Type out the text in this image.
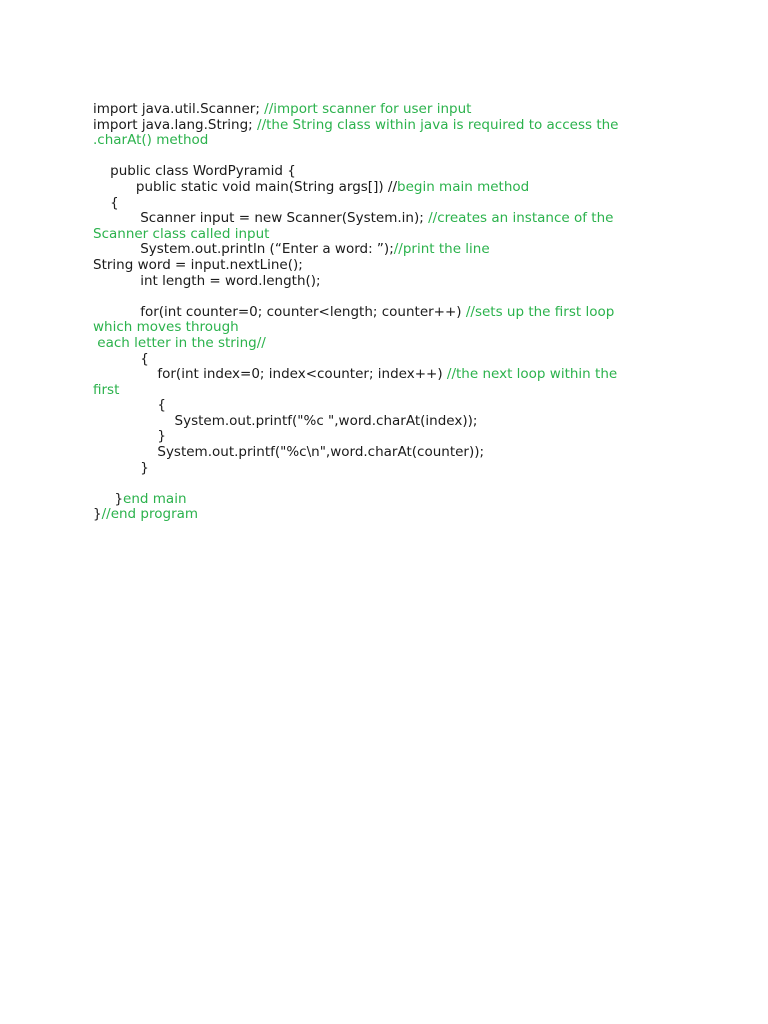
import java.util.Scanner; //import scanner for user input
import java.lang.String; //the String class within java is required to access the
.charAt() method
public class WordPyramid {
public static void main(String args[]) //begin main method
{
Scanner input = new Scanner(System.in); //creates an instance of the
Scanner class called input
System.out.println (“Enter a word: ”);//print the line
String word = input.nextLine();
int length = word.length();
for(int counter=0; counter<length; counter++) //sets up the first loop
which moves through
each letter in the string//
{
for(int index=0; index<counter; index++) //the next loop within the
first
{
System.out.printf("%c ",word.charAt(index));
}
System.out.printf("%c\n",word.charAt(counter));
}
}end main
}//end program
